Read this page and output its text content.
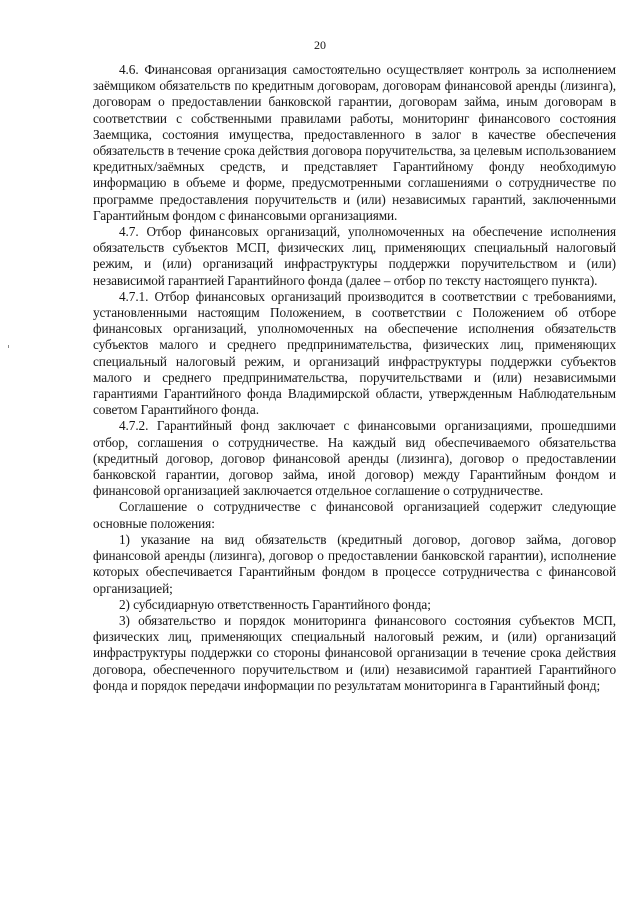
20

4.6. Финансовая организация самостоятельно осуществляет контроль за исполнением заёмщиком обязательств по кредитным договорам, договорам финансовой аренды (лизинга), договорам о предоставлении банковской гарантии, договорам займа, иным договорам в соответствии с собственными правилами работы, мониторинг финансового состояния Заемщика, состояния имущества, предоставленного в залог в качестве обеспечения обязательств в течение срока действия договора поручительства, за целевым использованием кредитных/заёмных средств, и представляет Гарантийному фонду необходимую информацию в объеме и форме, предусмотренными соглашениями о сотрудничестве по программе предоставления поручительств и (или) независимых гарантий, заключенными Гарантийным фондом с финансовыми организациями.

4.7. Отбор финансовых организаций, уполномоченных на обеспечение исполнения обязательств субъектов МСП, физических лиц, применяющих специальный налоговый режим, и (или) организаций инфраструктуры поддержки поручительством и (или) независимой гарантией Гарантийного фонда (далее – отбор по тексту настоящего пункта).

4.7.1. Отбор финансовых организаций производится в соответствии с требованиями, установленными настоящим Положением, в соответствии с Положением об отборе финансовых организаций, уполномоченных на обеспечение исполнения обязательств субъектов малого и среднего предпринимательства, физических лиц, применяющих специальный налоговый режим, и организаций инфраструктуры поддержки субъектов малого и среднего предпринимательства, поручительствами и (или) независимыми гарантиями Гарантийного фонда Владимирской области, утвержденным Наблюдательным советом Гарантийного фонда.

4.7.2. Гарантийный фонд заключает с финансовыми организациями, прошедшими отбор, соглашения о сотрудничестве. На каждый вид обеспечиваемого обязательства (кредитный договор, договор финансовой аренды (лизинга), договор о предоставлении банковской гарантии, договор займа, иной договор) между Гарантийным фондом и финансовой организацией заключается отдельное соглашение о сотрудничестве.

Соглашение о сотрудничестве с финансовой организацией содержит следующие основные положения:

1) указание на вид обязательств (кредитный договор, договор займа, договор финансовой аренды (лизинга), договор о предоставлении банковской гарантии), исполнение которых обеспечивается Гарантийным фондом в процессе сотрудничества с финансовой организацией;

2) субсидиарную ответственность Гарантийного фонда;

3) обязательство и порядок мониторинга финансового состояния субъектов МСП, физических лиц, применяющих специальный налоговый режим, и (или) организаций инфраструктуры поддержки со стороны финансовой организации в течение срока действия договора, обеспеченного поручительством и (или) независимой гарантией Гарантийного фонда и порядок передачи информации по результатам мониторинга в Гарантийный фонд;
